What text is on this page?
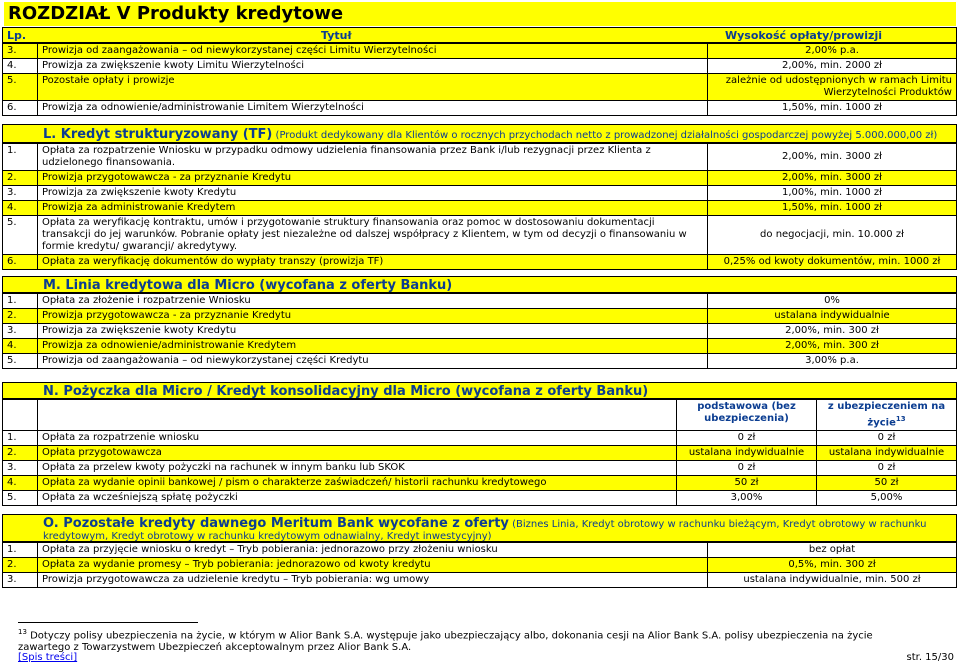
ROZDZIAŁ V Produkty kredytowe
Lp.	Tytuł	Wysokość opłaty/prowizji
3.	Prowizja od zaangażowania – od niewykorzystanej części Limitu Wierzytelności	2,00% p.a.
4.	Prowizja za zwiększenie kwoty Limitu Wierzytelności	2,00%, min. 2000 zł
5.	Pozostałe opłaty i prowizje	zależnie od udostępnionych w ramach Limitu Wierzytelności Produktów
6.	Prowizja za odnowienie/administrowanie Limitem Wierzytelności	1,50%, min. 1000 zł
L. Kredyt strukturyzowany (TF) (Produkt dedykowany dla Klientów o rocznych przychodach netto z prowadzonej działalności gospodarczej powyżej 5.000.000,00 zł)
1.	Opłata za rozpatrzenie Wniosku w przypadku odmowy udzielenia finansowania przez Bank i/lub rezygnacji przez Klienta z udzielonego finansowania.	2,00%, min. 3000 zł
2.	Prowizja przygotowawcza - za przyznanie Kredytu	2,00%, min. 3000 zł
3.	Prowizja za zwiększenie kwoty Kredytu	1,00%, min. 1000 zł
4.	Prowizja za administrowanie Kredytem	1,50%, min. 1000 zł
5.	Opłata za weryfikację kontraktu, umów i przygotowanie struktury finansowania oraz pomoc w dostosowaniu dokumentacji transakcji do jej warunków. Pobranie opłaty jest niezależne od dalszej współpracy z Klientem, w tym od decyzji o finansowaniu w formie kredytu/ gwarancji/ akredytywy.	do negocjacji, min. 10.000 zł
6.	Opłata za weryfikację dokumentów do wypłaty transzy (prowizja TF)	0,25% od kwoty dokumentów, min. 1000 zł
M. Linia kredytowa dla Micro (wycofana z oferty Banku)
1.	Opłata za złożenie i rozpatrzenie Wniosku	0%
2.	Prowizja przygotowawcza - za przyznanie Kredytu	ustalana indywidualnie
3.	Prowizja za zwiększenie kwoty Kredytu	2,00%, min. 300 zł
4.	Prowizja za odnowienie/administrowanie Kredytem	2,00%, min. 300 zł
5.	Prowizja od zaangażowania – od niewykorzystanej części Kredytu	3,00% p.a.
N. Pożyczka dla Micro / Kredyt konsolidacyjny dla Micro (wycofana z oferty Banku)
		podstawowa (bez ubezpieczenia)	z ubezpieczeniem na życie$^{13}$
1.	Opłata za rozpatrzenie wniosku	0 zł	0 zł
2.	Opłata przygotowawcza	ustalana indywidualnie	ustalana indywidualnie
3.	Opłata za przelew kwoty pożyczki na rachunek w innym banku lub SKOK	0 zł	0 zł
4.	Opłata za wydanie opinii bankowej / pism o charakterze zaświadczeń/ historii rachunku kredytowego	50 zł	50 zł
5.	Opłata za wcześniejszą spłatę pożyczki	3,00%	5,00%
O. Pozostałe kredyty dawnego Meritum Bank wycofane z oferty (Biznes Linia, Kredyt obrotowy w rachunku bieżącym, Kredyt obrotowy w rachunku kredytowym, Kredyt obrotowy w rachunku kredytowym odnawialny, Kredyt inwestycyjny)
1.	Opłata za przyjęcie wniosku o kredyt – Tryb pobierania: jednorazowo przy złożeniu wniosku	bez opłat
2.	Opłata za wydanie promesy – Tryb pobierania: jednorazowo od kwoty kredytu	0,5%, min. 300 zł
3.	Prowizja przygotowawcza za udzielenie kredytu – Tryb pobierania: wg umowy	ustalana indywidualnie, min. 500 zł
$^{13}$ Dotyczy polisy ubezpieczenia na życie, w którym w Alior Bank S.A. występuje jako ubezpieczający albo, dokonania cesji na Alior Bank S.A. polisy ubezpieczenia na życie zawartego z Towarzystwem Ubezpieczeń akceptowalnym przez Alior Bank S.A.
[Spis treści]	str. 15/30
